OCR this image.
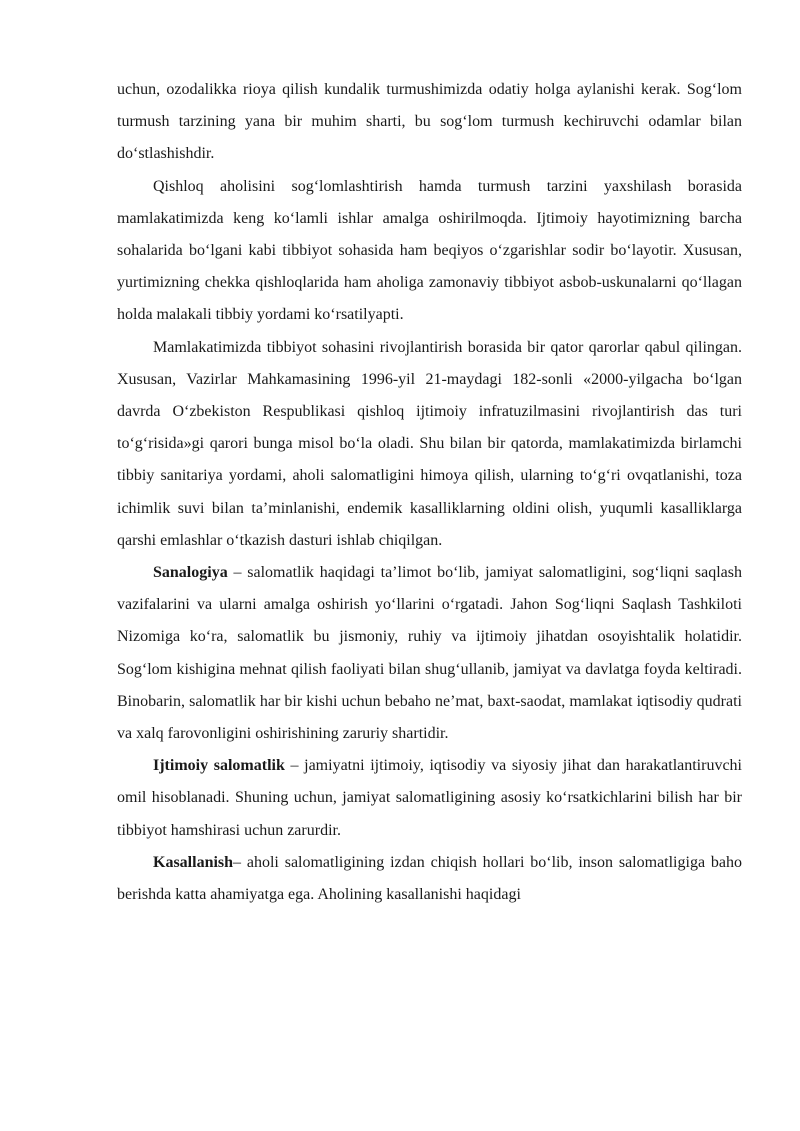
uchun, ozodalikka rioya qilish kundalik turmushimizda odatiy holga aylanishi kerak. Sog‘lom turmush tarzining yana bir muhim sharti, bu sog‘lom turmush kechiruvchi odamlar bilan do‘stlashishdir.

Qishloq aholisini sog‘lomlashtirish hamda turmush tarzini yaxshilash borasida mamlakatimizda keng ko‘lamli ishlar amalga oshirilmoqda. Ijtimoiy hayotimizning barcha sohalarida bo‘lgani kabi tibbiyot sohasida ham beqiyos o‘zgarishlar sodir bo‘layotir. Xususan, yurtimizning chekka qishloqlarida ham aholiga zamonaviy tibbiyot asbob-uskunalarni qo‘llagan holda malakali tibbiy yordami ko‘rsatilyapti.

Mamlakatimizda tibbiyot sohasini rivojlantirish borasida bir qator qarorlar qabul qilingan. Xususan, Vazirlar Mahkamasining 1996-yil 21-maydagi 182-sonli «2000-yilgacha bo‘lgan davrda O‘zbekiston Respublikasi qishloq ijtimoiy infratuzilmasini rivojlantirish das turi to‘g‘risida»gi qarori bunga misol bo‘la oladi. Shu bilan bir qatorda, mamlakatimizda birlamchi tibbiy sanitariya yordami, aholi salomatligini himoya qilish, ularning to‘g‘ri ovqatlanishi, toza ichimlik suvi bilan ta’minlanishi, endemik kasalliklarning oldini olish, yuqumli kasalliklarga qarshi emlashlar o‘tkazish dasturi ishlab chiqilgan.

Sanalogiya – salomatlik haqidagi ta’limot bo‘lib, jamiyat salomatligini, sog‘liqni saqlash vazifalarini va ularni amalga oshirish yo‘llarini o‘rgatadi. Jahon Sog‘liqni Saqlash Tashkiloti Nizomiga ko‘ra, salomatlik bu jismoniy, ruhiy va ijtimoiy jihatdan osoyishtalik holatidir. Sog‘lom kishigina mehnat qilish faoliyati bilan shug‘ullanib, jamiyat va davlatga foyda keltiradi. Binobarin, salomatlik har bir kishi uchun bebaho ne’mat, baxt-saodat, mamlakat iqtisodiy qudrati va xalq farovonligini oshirishining zaruriy shartidir.

Ijtimoiy salomatlik – jamiyatni ijtimoiy, iqtisodiy va siyosiy jihat dan harakatlantiruvchi omil hisoblanadi. Shuning uchun, jamiyat salomatligining asosiy ko‘rsatkichlarini bilish har bir tibbiyot hamshirasi uchun zarurdir.

Kasallanish– aholi salomatligining izdan chiqish hollari bo‘lib, inson salomatligiga baho berishda katta ahamiyatga ega. Aholining kasallanishi haqidagi
